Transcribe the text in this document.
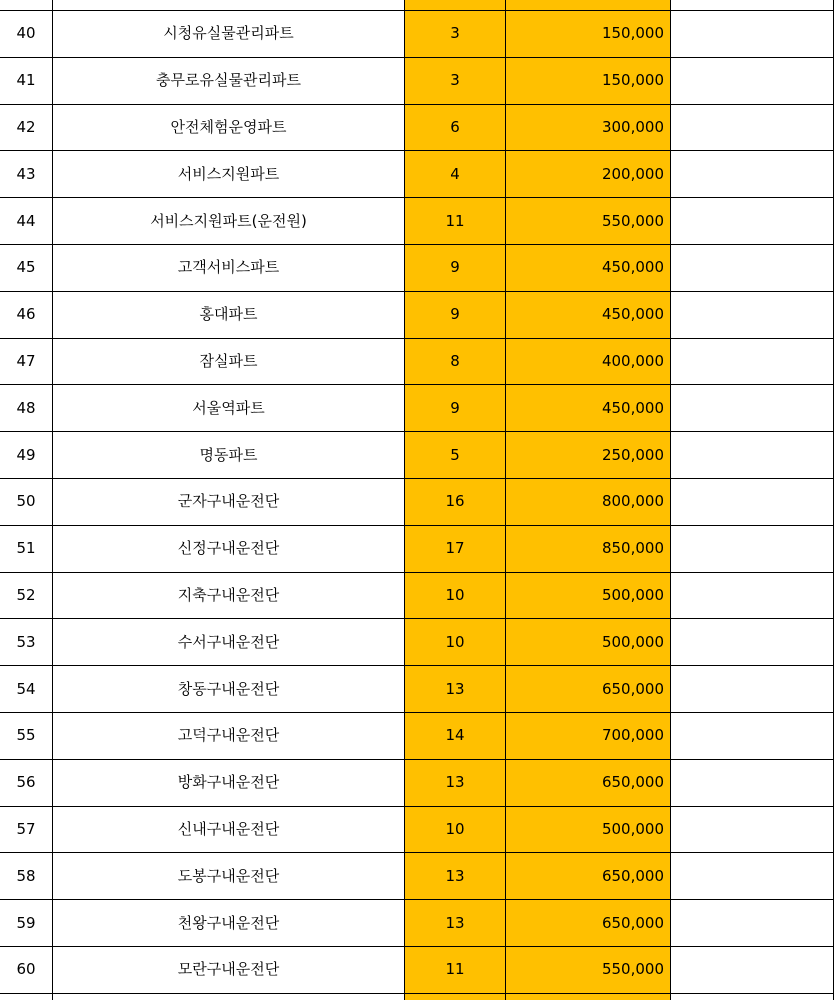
40	시청유실물관리파트	3	150,000	
41	충무로유실물관리파트	3	150,000	
42	안전체험운영파트	6	300,000	
43	서비스지원파트	4	200,000	
44	서비스지원파트(운전원)	11	550,000	
45	고객서비스파트	9	450,000	
46	홍대파트	9	450,000	
47	잠실파트	8	400,000	
48	서울역파트	9	450,000	
49	명동파트	5	250,000	
50	군자구내운전단	16	800,000	
51	신정구내운전단	17	850,000	
52	지축구내운전단	10	500,000	
53	수서구내운전단	10	500,000	
54	창동구내운전단	13	650,000	
55	고덕구내운전단	14	700,000	
56	방화구내운전단	13	650,000	
57	신내구내운전단	10	500,000	
58	도봉구내운전단	13	650,000	
59	천왕구내운전단	13	650,000	
60	모란구내운전단	11	550,000	
